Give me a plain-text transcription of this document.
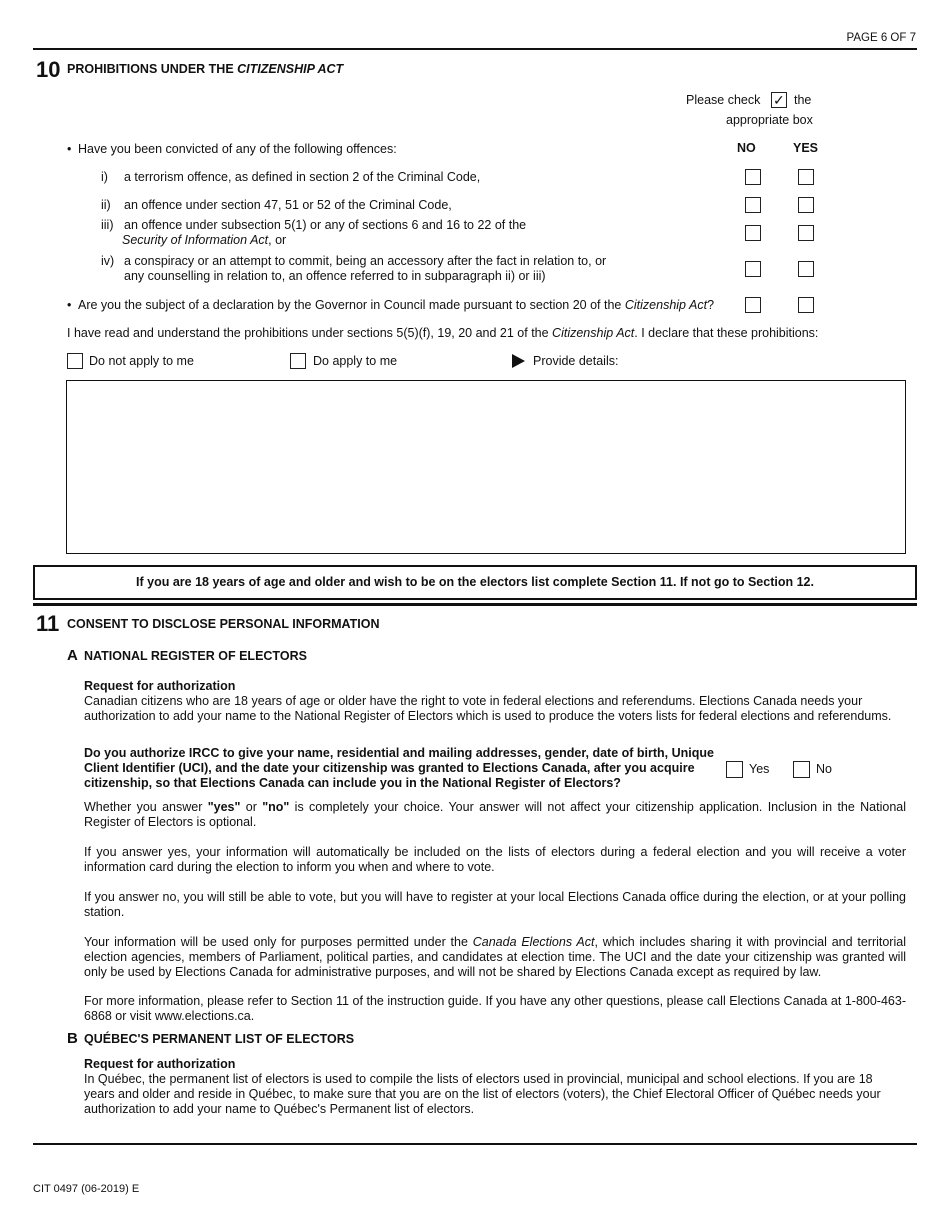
PAGE 6 OF 7
10 PROHIBITIONS UNDER THE CITIZENSHIP ACT
Please check ✓ the
appropriate box
NO	YES
• Have you been convicted of any of the following offences:
i) a terrorism offence, as defined in section 2 of the Criminal Code,
ii) an offence under section 47, 51 or 52 of the Criminal Code,
iii) an offence under subsection 5(1) or any of sections 6 and 16 to 22 of the
Security of Information Act, or
iv) a conspiracy or an attempt to commit, being an accessory after the fact in relation to, or
any counselling in relation to, an offence referred to in subparagraph ii) or iii)
• Are you the subject of a declaration by the Governor in Council made pursuant to section 20 of the Citizenship Act?
I have read and understand the prohibitions under sections 5(5)(f), 19, 20 and 21 of the Citizenship Act. I declare that these prohibitions:
Do not apply to me	Do apply to me	Provide details:
If you are 18 years of age and older and wish to be on the electors list complete Section 11. If not go to Section 12.
11 CONSENT TO DISCLOSE PERSONAL INFORMATION
A NATIONAL REGISTER OF ELECTORS
Request for authorization
Canadian citizens who are 18 years of age or older have the right to vote in federal elections and referendums. Elections Canada needs your authorization to add your name to the National Register of Electors which is used to produce the voters lists for federal elections and referendums.
Do you authorize IRCC to give your name, residential and mailing addresses, gender, date of birth, Unique Client Identifier (UCI), and the date your citizenship was granted to Elections Canada, after you acquire citizenship, so that Elections Canada can include you in the National Register of Electors?
Yes	No
Whether you answer "yes" or "no" is completely your choice. Your answer will not affect your citizenship application. Inclusion in the National Register of Electors is optional.
If you answer yes, your information will automatically be included on the lists of electors during a federal election and you will receive a voter information card during the election to inform you when and where to vote.
If you answer no, you will still be able to vote, but you will have to register at your local Elections Canada office during the election, or at your polling station.
Your information will be used only for purposes permitted under the Canada Elections Act, which includes sharing it with provincial and territorial election agencies, members of Parliament, political parties, and candidates at election time. The UCI and the date your citizenship was granted will only be used by Elections Canada for administrative purposes, and will not be shared by Elections Canada except as required by law.
For more information, please refer to Section 11 of the instruction guide. If you have any other questions, please call Elections Canada at 1-800-463-6868 or visit www.elections.ca.
B QUÉBEC'S PERMANENT LIST OF ELECTORS
Request for authorization
In Québec, the permanent list of electors is used to compile the lists of electors used in provincial, municipal and school elections. If you are 18 years and older and reside in Québec, to make sure that you are on the list of electors (voters), the Chief Electoral Officer of Québec needs your authorization to add your name to Québec's Permanent list of electors.
CIT 0497 (06-2019) E
